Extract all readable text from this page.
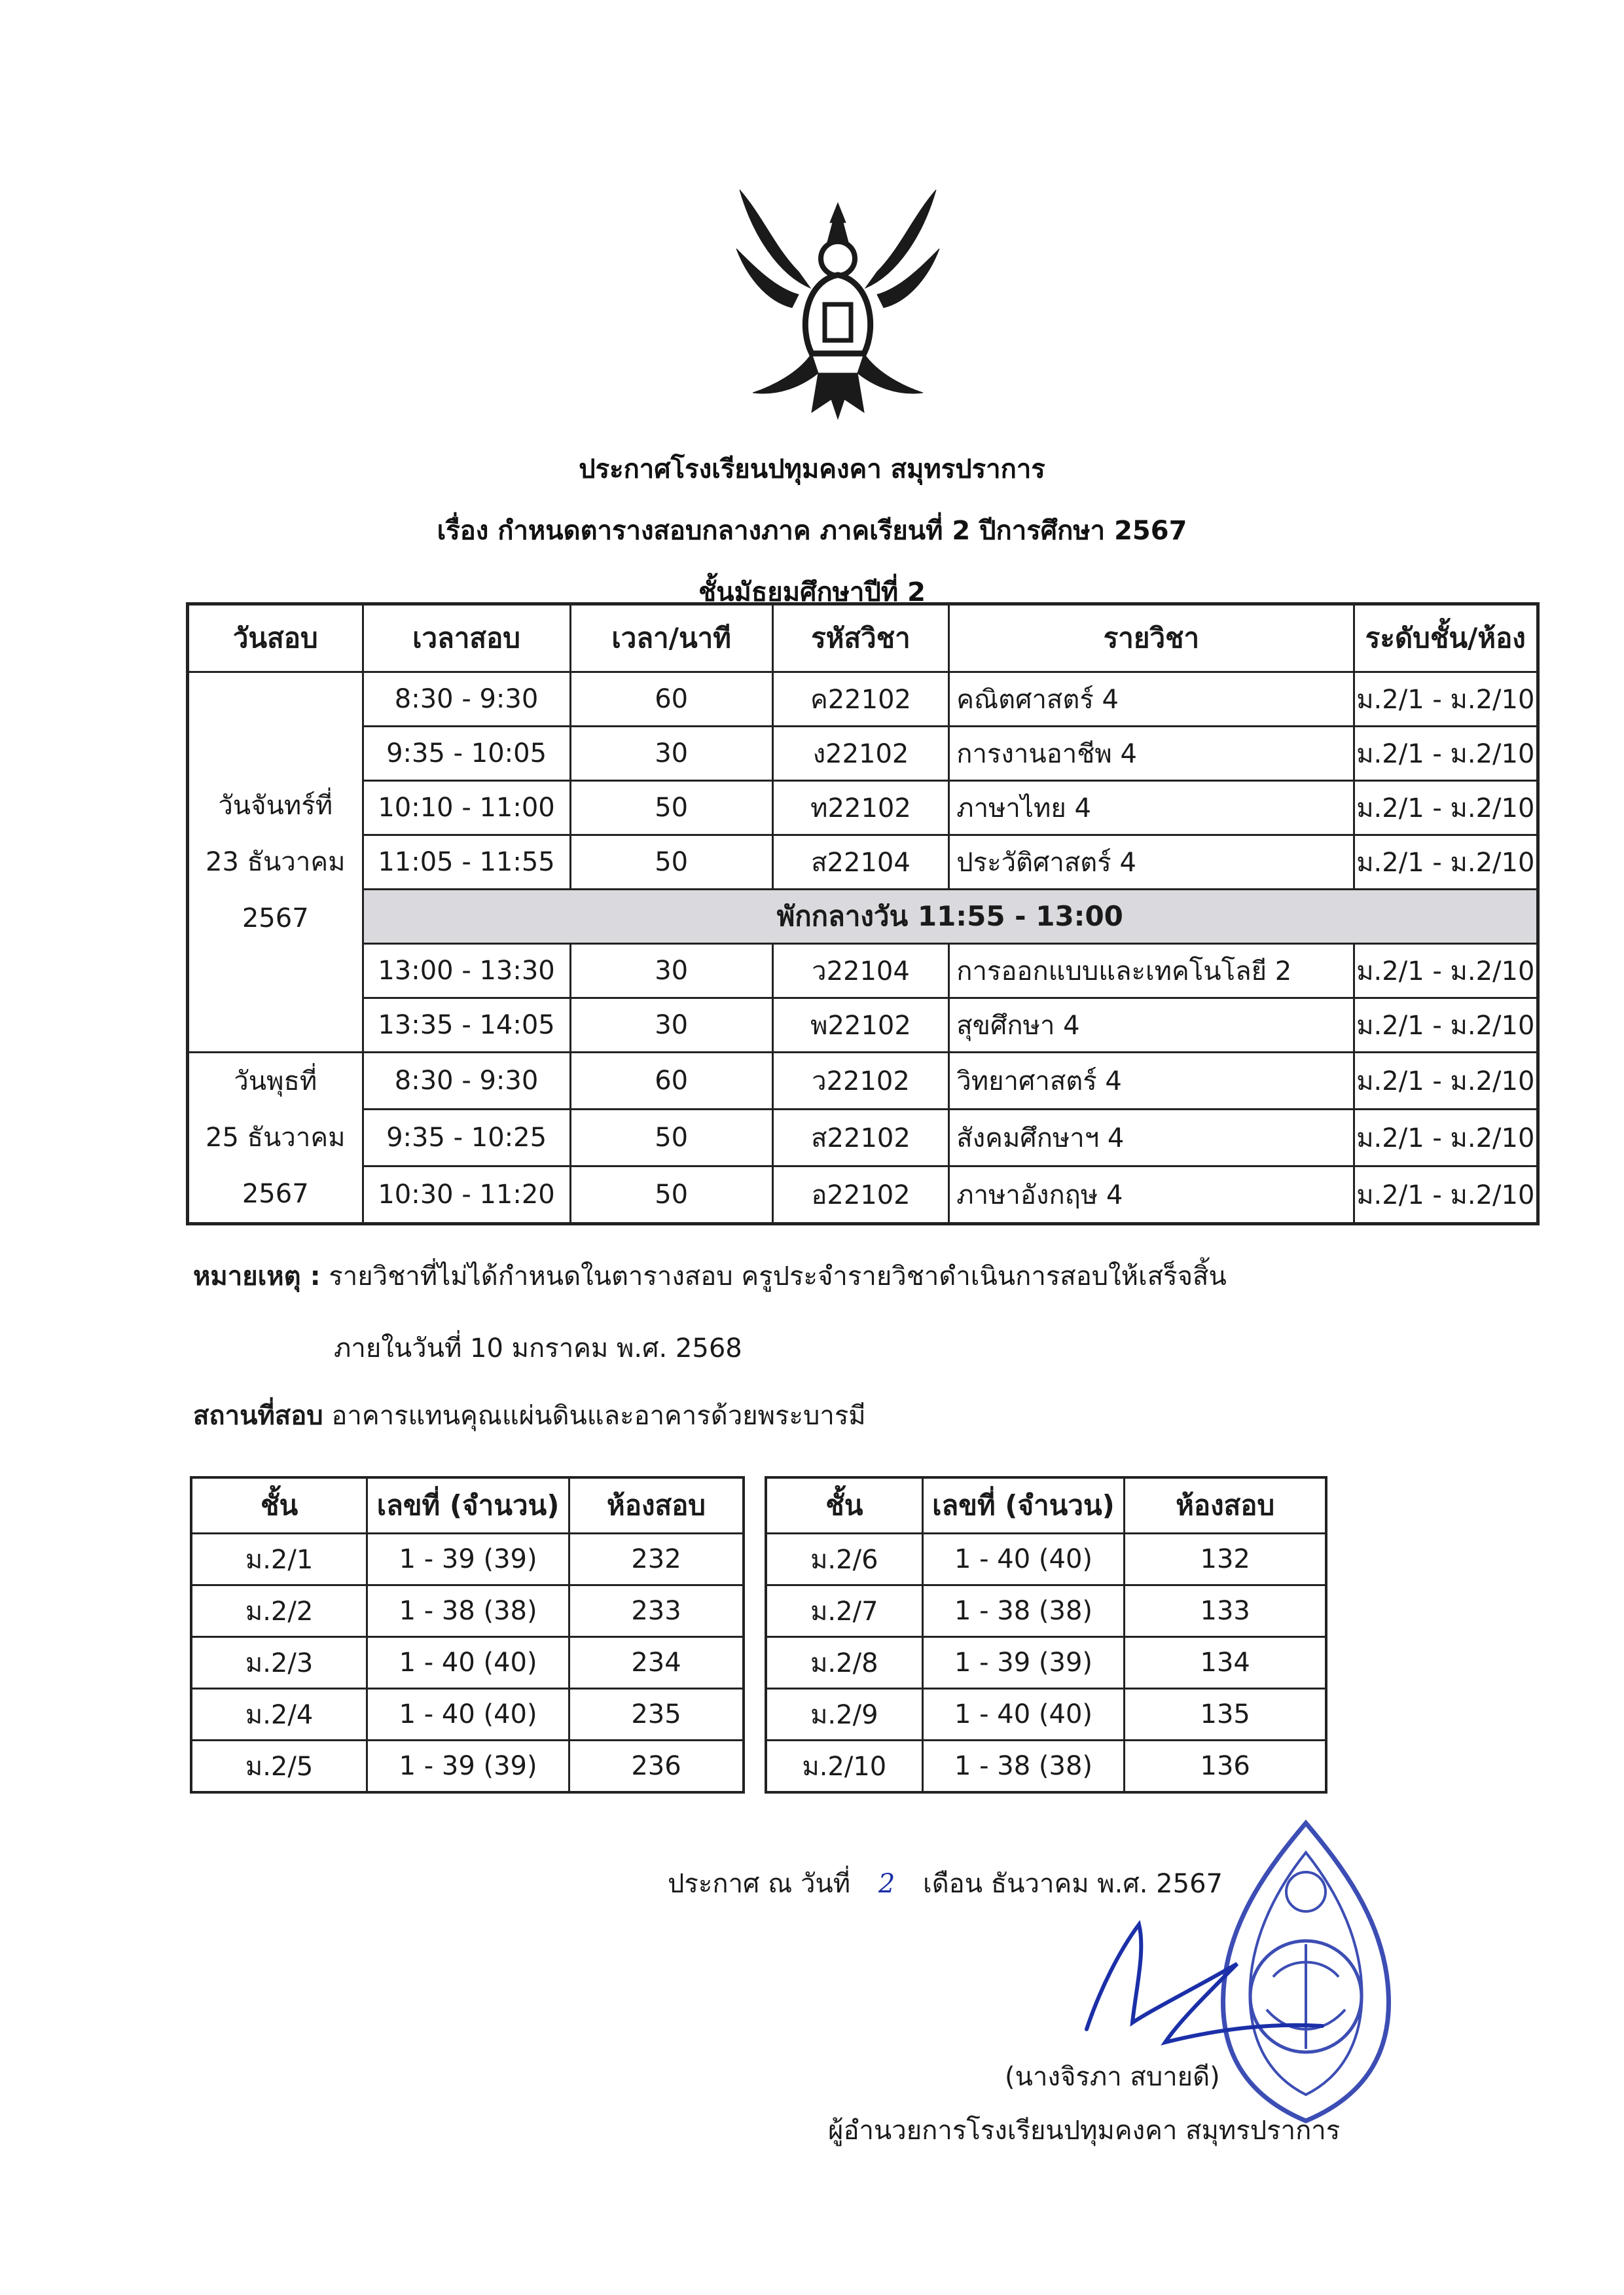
ประกาศโรงเรียนปทุมคงคา สมุทรปราการ
เรื่อง กำหนดตารางสอบกลางภาค ภาคเรียนที่ 2 ปีการศึกษา 2567
ชั้นมัธยมศึกษาปีที่ 2
วันสอบ	เวลาสอบ	เวลา/นาที	รหัสวิชา	รายวิชา	ระดับชั้น/ห้อง

วันจันทร์ที่
23 ธันวาคม
2567	8:30 - 9:30	60	ค22102	คณิตศาสตร์ 4	ม.2/1 - ม.2/10
	9:35 - 10:05	30	ง22102	การงานอาชีพ 4	ม.2/1 - ม.2/10
	10:10 - 11:00	50	ท22102	ภาษาไทย 4	ม.2/1 - ม.2/10
	11:05 - 11:55	50	ส22104	ประวัติศาสตร์ 4	ม.2/1 - ม.2/10
	พักกลางวัน 11:55 - 13:00				
	13:00 - 13:30	30	ว22104	การออกแบบและเทคโนโลยี 2	ม.2/1 - ม.2/10
	13:35 - 14:05	30	พ22102	สุขศึกษา 4	ม.2/1 - ม.2/10

วันพุธที่
25 ธันวาคม
2567	8:30 - 9:30	60	ว22102	วิทยาศาสตร์ 4	ม.2/1 - ม.2/10
	9:35 - 10:25	50	ส22102	สังคมศึกษาฯ 4	ม.2/1 - ม.2/10
	10:30 - 11:20	50	อ22102	ภาษาอังกฤษ 4	ม.2/1 - ม.2/10
หมายเหตุ : รายวิชาที่ไม่ได้กำหนดในตารางสอบ ครูประจำรายวิชาดำเนินการสอบให้เสร็จสิ้น
ภายในวันที่ 10 มกราคม พ.ศ. 2568
สถานที่สอบ อาคารแทนคุณแผ่นดินและอาคารด้วยพระบารมี
ชั้น	เลขที่ (จำนวน)	ห้องสอบ
ม.2/1	1 - 39 (39)	232
ม.2/2	1 - 38 (38)	233
ม.2/3	1 - 40 (40)	234
ม.2/4	1 - 40 (40)	235
ม.2/5	1 - 39 (39)	236
ชั้น	เลขที่ (จำนวน)	ห้องสอบ
ม.2/6	1 - 40 (40)	132
ม.2/7	1 - 38 (38)	133
ม.2/8	1 - 39 (39)	134
ม.2/9	1 - 40 (40)	135
ม.2/10	1 - 38 (38)	136
ประกาศ ณ วันที่ 2 เดือน ธันวาคม พ.ศ. 2567
(นางจิรภา สบายดี)
ผู้อำนวยการโรงเรียนปทุมคงคา สมุทรปราการ
